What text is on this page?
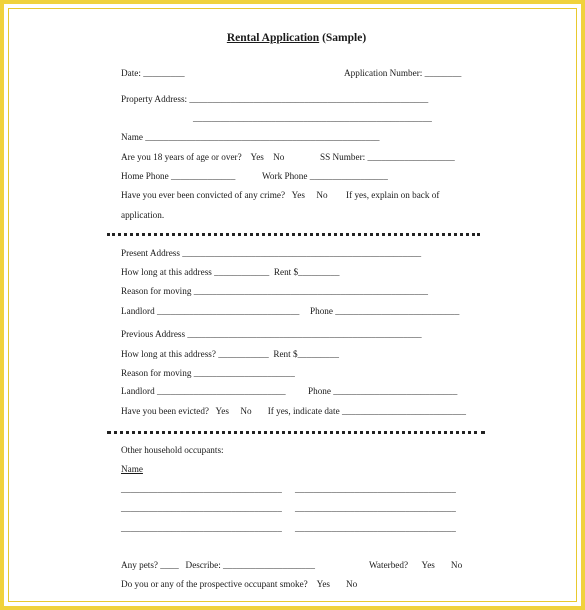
Rental Application (Sample)
Date: _________	Application Number: ________
Property Address: ____________________________________________________
____________________________________________________
Name ___________________________________________________
Are you 18 years of age or over?    Yes    No	SS Number: ___________________
Home Phone ______________	Work Phone _________________
Have you ever been convicted of any crime?   Yes     No        If yes, explain on back of
application.
Present Address ____________________________________________________
How long at this address ____________  Rent $_________
Reason for moving ___________________________________________________
Landlord _______________________________ Phone ___________________________
Previous Address ___________________________________________________
How long at this address? ___________  Rent $_________
Reason for moving ______________________
Landlord ____________________________ Phone ___________________________
Have you been evicted?   Yes     No       If yes, indicate date ___________________________
Other household occupants:
Name
___________________________________ ___________________________________
___________________________________ ___________________________________
___________________________________ ___________________________________
Any pets? ____   Describe: ____________________	Waterbed?      Yes       No
Do you or any of the prospective occupant smoke?    Yes       No
